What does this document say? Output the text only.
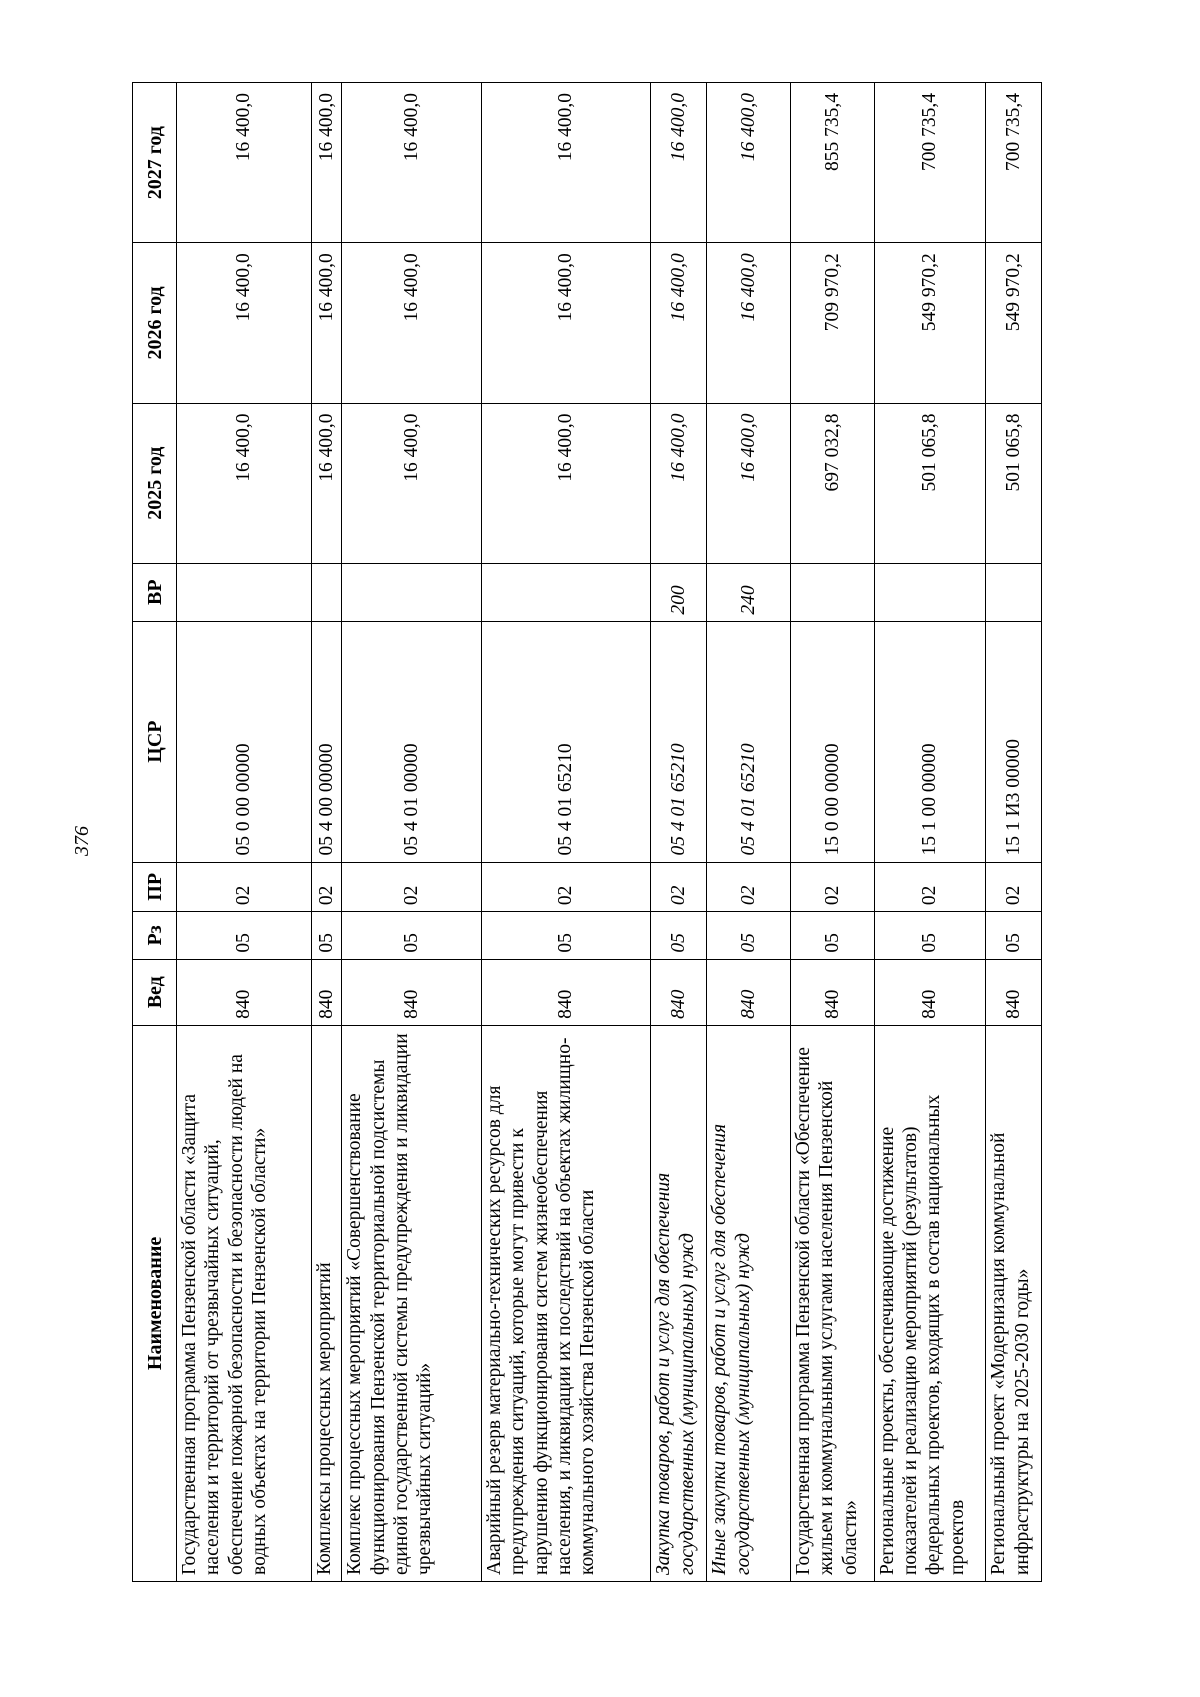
376
Наименование	Вед	Рз	ПР	ЦСР	ВР	2025 год	2026 год	2027 год
Государственная программа Пензенской области «Защита населения и территорий от чрезвычайных ситуаций, обеспечение пожарной безопасности и безопасности людей на водных объектах на территории Пензенской области»	840	05	02	05 0 00 00000		16 400,0	16 400,0	16 400,0
Комплексы процессных мероприятий	840	05	02	05 4 00 00000		16 400,0	16 400,0	16 400,0
Комплекс процессных мероприятий «Совершенствование функционирования Пензенской территориальной подсистемы единой государственной системы предупреждения и ликвидации чрезвычайных ситуаций»	840	05	02	05 4 01 00000		16 400,0	16 400,0	16 400,0
Аварийный резерв материально-технических ресурсов для предупреждения ситуаций, которые могут привести к нарушению функционирования систем жизнеобеспечения населения, и ликвидации их последствий на объектах жилищно-коммунального хозяйства Пензенской области	840	05	02	05 4 01 65210		16 400,0	16 400,0	16 400,0
Закупка товаров, работ и услуг для обеспечения государственных (муниципальных) нужд	840	05	02	05 4 01 65210	200	16 400,0	16 400,0	16 400,0
Иные закупки товаров, работ и услуг для обеспечения государственных (муниципальных) нужд	840	05	02	05 4 01 65210	240	16 400,0	16 400,0	16 400,0
Государственная программа Пензенской области «Обеспечение жильем и коммунальными услугами населения Пензенской области»	840	05	02	15 0 00 00000		697 032,8	709 970,2	855 735,4
Региональные проекты, обеспечивающие достижение показателей и реализацию мероприятий (результатов) федеральных проектов, входящих в состав национальных проектов	840	05	02	15 1 00 00000		501 065,8	549 970,2	700 735,4
Региональный проект «Модернизация коммунальной инфраструктуры на 2025-2030 годы»	840	05	02	15 1 И3 00000		501 065,8	549 970,2	700 735,4
